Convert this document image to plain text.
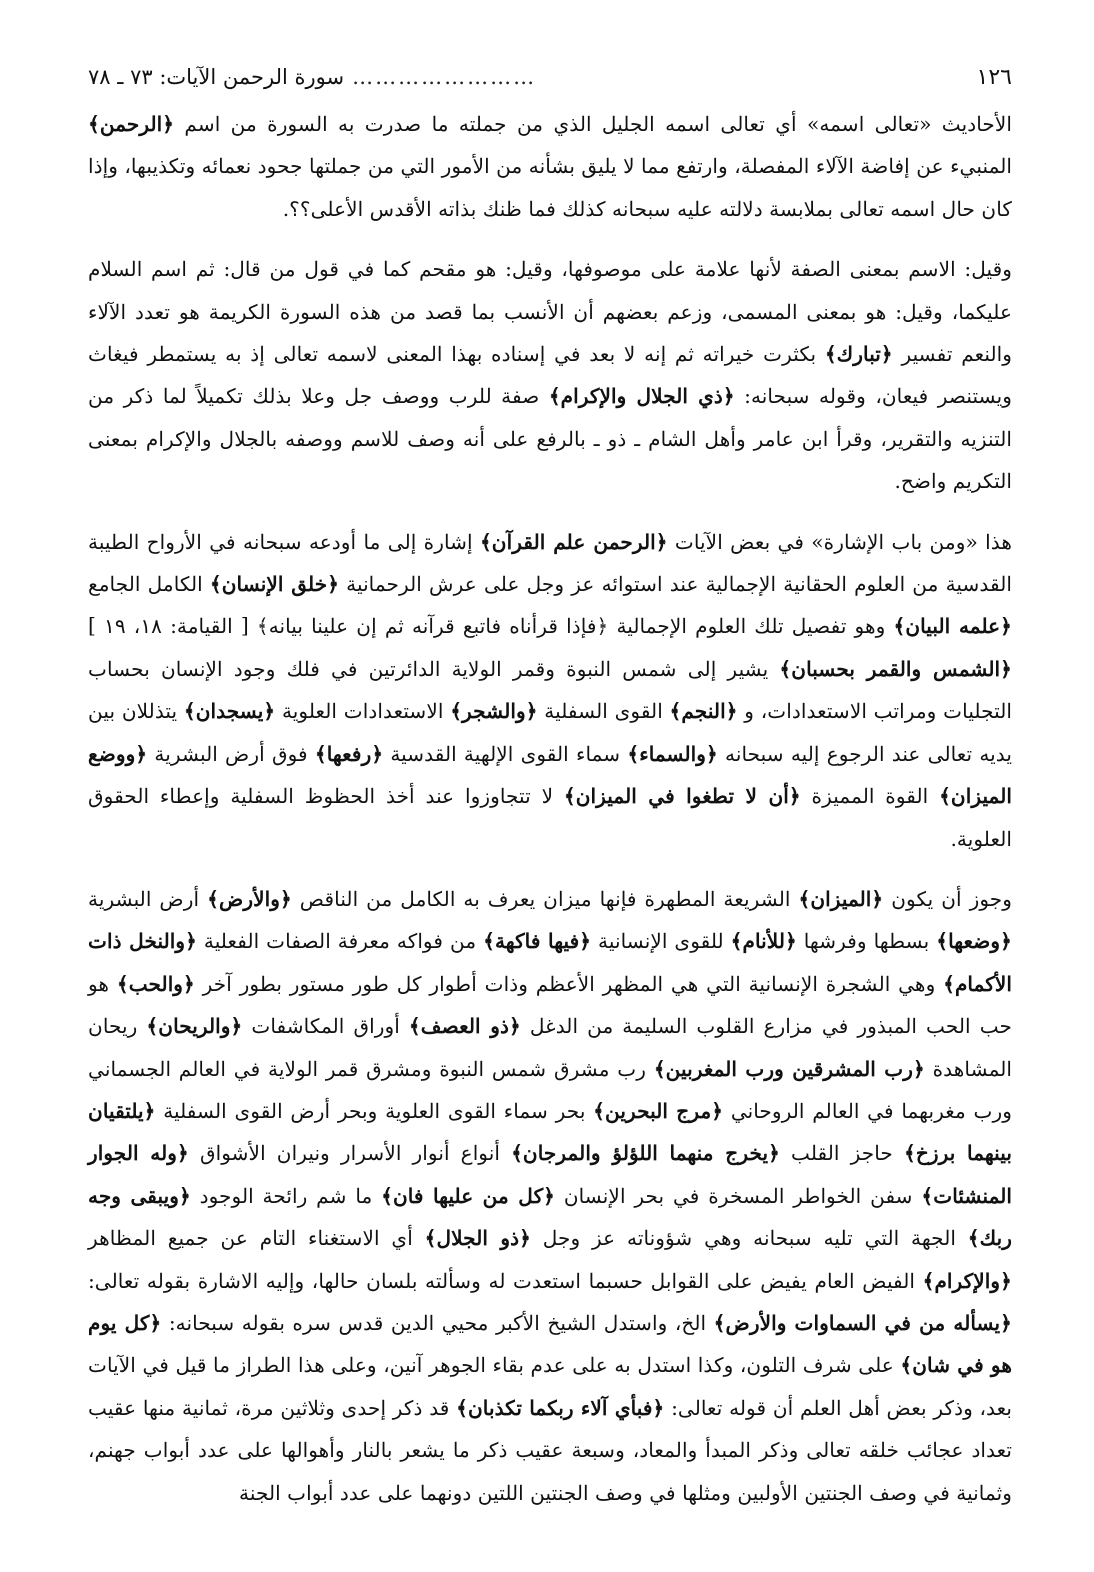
١٢٦
……………………
سورة الرحمن الآيات: ٧٣ ـ ٧٨

الأحاديث «تعالى اسمه» أي تعالى اسمه الجليل الذي من جملته ما صدرت به السورة من اسم ﴿الرحمن﴾ المنبيء عن إفاضة الآلاء المفصلة، وارتفع مما لا يليق بشأنه من الأمور التي من جملتها جحود نعمائه وتكذيبها، وإذا كان حال اسمه تعالى بملابسة دلالته عليه سبحانه كذلك فما ظنك بذاته الأقدس الأعلى؟؟.

وقيل: الاسم بمعنى الصفة لأنها علامة على موصوفها، وقيل: هو مقحم كما في قول من قال: ثم اسم السلام عليكما، وقيل: هو بمعنى المسمى، وزعم بعضهم أن الأنسب بما قصد من هذه السورة الكريمة هو تعدد الآلاء والنعم تفسير ﴿تبارك﴾ بكثرت خيراته ثم إنه لا بعد في إسناده بهذا المعنى لاسمه تعالى إذ به يستمطر فيغاث ويستنصر فيعان، وقوله سبحانه: ﴿ذي الجلال والإكرام﴾ صفة للرب ووصف جل وعلا بذلك تكميلاً لما ذكر من التنزيه والتقرير، وقرأ ابن عامر وأهل الشام ـ ذو ـ بالرفع على أنه وصف للاسم ووصفه بالجلال والإكرام بمعنى التكريم واضح.

هذا «ومن باب الإشارة» في بعض الآيات ﴿الرحمن علم القرآن﴾ إشارة إلى ما أودعه سبحانه في الأرواح الطيبة القدسية من العلوم الحقانية الإجمالية عند استوائه عز وجل على عرش الرحمانية ﴿خلق الإنسان﴾ الكامل الجامع ﴿علمه البيان﴾ وهو تفصيل تلك العلوم الإجمالية ﴿فإذا قرأناه فاتبع قرآنه ثم إن علينا بيانه﴾ [ القيامة: ١٨، ١٩ ] ﴿الشمس والقمر بحسبان﴾ يشير إلى شمس النبوة وقمر الولاية الدائرتين في فلك وجود الإنسان بحساب التجليات ومراتب الاستعدادات، و ﴿النجم﴾ القوى السفلية ﴿والشجر﴾ الاستعدادات العلوية ﴿يسجدان﴾ يتذللان بين يديه تعالى عند الرجوع إليه سبحانه ﴿والسماء﴾ سماء القوى الإلهية القدسية ﴿رفعها﴾ فوق أرض البشرية ﴿ووضع الميزان﴾ القوة المميزة ﴿أن لا تطغوا في الميزان﴾ لا تتجاوزوا عند أخذ الحظوظ السفلية وإعطاء الحقوق العلوية.

وجوز أن يكون ﴿الميزان﴾ الشريعة المطهرة فإنها ميزان يعرف به الكامل من الناقص ﴿والأرض﴾ أرض البشرية ﴿وضعها﴾ بسطها وفرشها ﴿للأنام﴾ للقوى الإنسانية ﴿فيها فاكهة﴾ من فواكه معرفة الصفات الفعلية ﴿والنخل ذات الأكمام﴾ وهي الشجرة الإنسانية التي هي المظهر الأعظم وذات أطوار كل طور مستور بطور آخر ﴿والحب﴾ هو حب الحب المبذور في مزارع القلوب السليمة من الدغل ﴿ذو العصف﴾ أوراق المكاشفات ﴿والريحان﴾ ريحان المشاهدة ﴿رب المشرقين ورب المغربين﴾ رب مشرق شمس النبوة ومشرق قمر الولاية في العالم الجسماني ورب مغربهما في العالم الروحاني ﴿مرج البحرين﴾ بحر سماء القوى العلوية وبحر أرض القوى السفلية ﴿يلتقيان بينهما برزخ﴾ حاجز القلب ﴿يخرج منهما اللؤلؤ والمرجان﴾ أنواع أنوار الأسرار ونيران الأشواق ﴿وله الجوار المنشئات﴾ سفن الخواطر المسخرة في بحر الإنسان ﴿كل من عليها فان﴾ ما شم رائحة الوجود ﴿ويبقى وجه ربك﴾ الجهة التي تليه سبحانه وهي شؤوناته عز وجل ﴿ذو الجلال﴾ أي الاستغناء التام عن جميع المظاهر ﴿والإكرام﴾ الفيض العام يفيض على القوابل حسبما استعدت له وسألته بلسان حالها، وإليه الاشارة بقوله تعالى: ﴿يسأله من في السماوات والأرض﴾ الخ، واستدل الشيخ الأكبر محيي الدين قدس سره بقوله سبحانه: ﴿كل يوم هو في شان﴾ على شرف التلون، وكذا استدل به على عدم بقاء الجوهر آنين، وعلى هذا الطراز ما قيل في الآيات بعد، وذكر بعض أهل العلم أن قوله تعالى: ﴿فبأي آلاء ربكما تكذبان﴾ قد ذكر إحدى وثلاثين مرة، ثمانية منها عقيب تعداد عجائب خلقه تعالى وذكر المبدأ والمعاد، وسبعة عقيب ذكر ما يشعر بالنار وأهوالها على عدد أبواب جهنم، وثمانية في وصف الجنتين الأولبين ومثلها في وصف الجنتين اللتين دونهما على عدد أبواب الجنة
